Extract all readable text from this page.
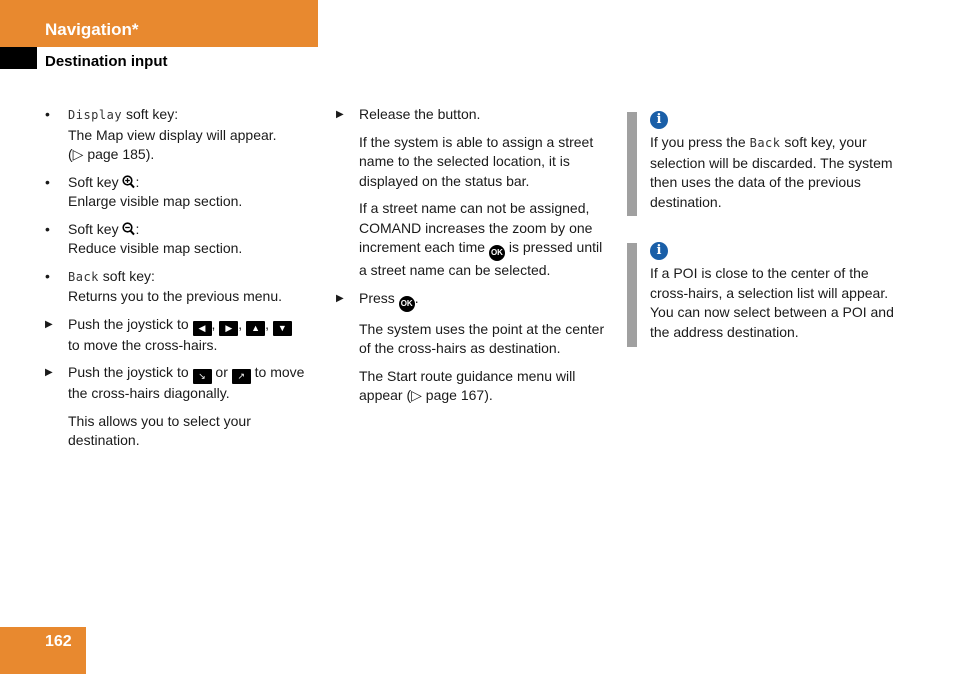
Navigation*
Destination input
•	Display soft key:
The Map view display will appear.
(▷ page 185).
•	Soft key :
Enlarge visible map section.
•	Soft key :
Reduce visible map section.
•	Back soft key:
Returns you to the previous menu.
▶	Push the joystick to ◀ , ▶ , ▲ , ▼
to move the cross-hairs.
▶	Push the joystick to ↘ or ↗ to move the cross-hairs diagonally.
This allows you to select your destination.
▶	Release the button.
If the system is able to assign a street name to the selected location, it is displayed on the status bar.
If a street name can not be assigned, COMAND increases the zoom by one increment each time OK is pressed until a street name can be selected.
▶	Press OK .
The system uses the point at the center of the cross-hairs as destination.
The Start route guidance menu will appear (▷ page 167).
i
If you press the Back soft key, your selection will be discarded. The system then uses the data of the previous destination.
i
If a POI is close to the center of the cross-hairs, a selection list will appear. You can now select between a POI and the address destination.
162
